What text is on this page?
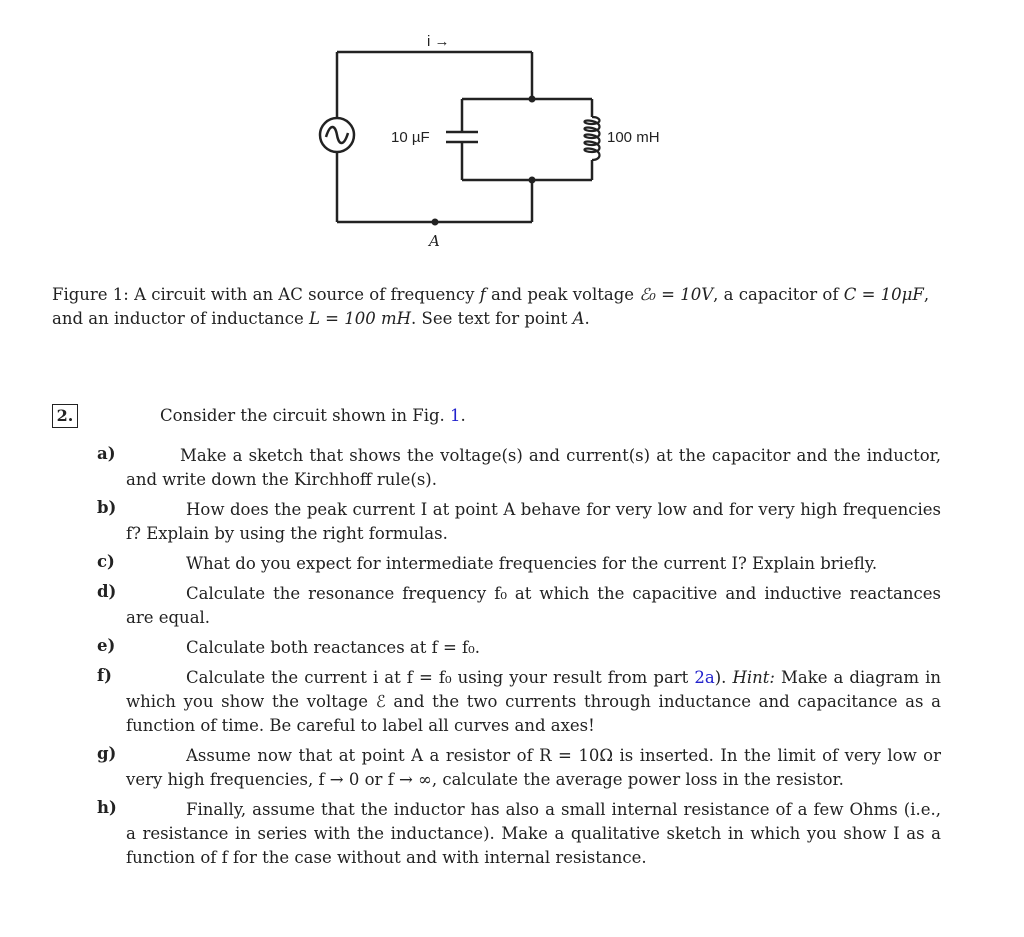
i →
10 µF	100 mH
A
Figure 1: A circuit with an AC source of frequency f and peak voltage ℰ₀ = 10V, a capacitor of C = 10μF,
and an inductor of inductance L = 100 mH. See text for point A.
2.	Consider the circuit shown in Fig. 1.
a)	Make a sketch that shows the voltage(s) and current(s) at the capacitor and the inductor, and write down the Kirchhoff rule(s).
b)	How does the peak current I at point A behave for very low and for very high frequencies f? Explain by using the right formulas.
c)	What do you expect for intermediate frequencies for the current I? Explain briefly.
d)	Calculate the resonance frequency f₀ at which the capacitive and inductive reactances are equal.
e)	Calculate both reactances at f = f₀.
f)	Calculate the current i at f = f₀ using your result from part 2a). Hint: Make a diagram in which you show the voltage ℰ and the two currents through inductance and capacitance as a function of time. Be careful to label all curves and axes!
g)	Assume now that at point A a resistor of R = 10Ω is inserted. In the limit of very low or very high frequencies, f → 0 or f → ∞, calculate the average power loss in the resistor.
h)	Finally, assume that the inductor has also a small internal resistance of a few Ohms (i.e., a resistance in series with the inductance). Make a qualitative sketch in which you show I as a function of f for the case without and with internal resistance.
